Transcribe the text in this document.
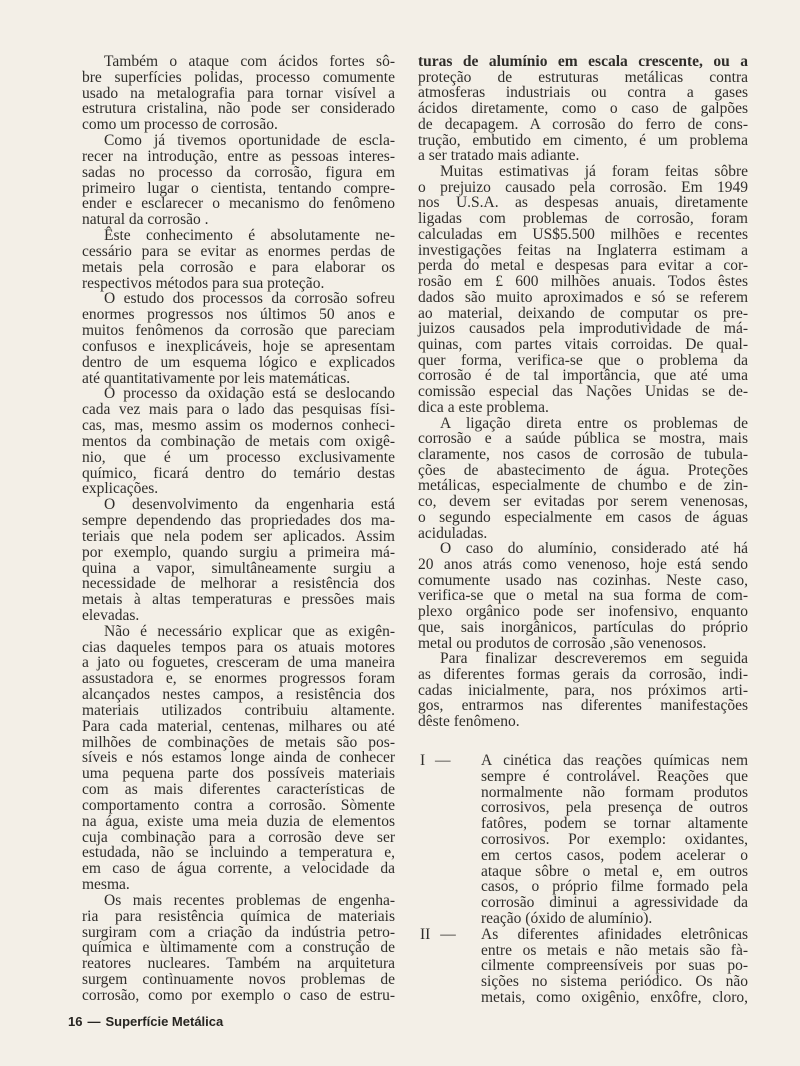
Também o ataque com ácidos fortes sô-
bre superfícies polidas, processo comumente
usado na metalografia para tornar visível a
estrutura cristalina, não pode ser considerado
como um processo de corrosão.
Como já tivemos oportunidade de escla-
recer na introdução, entre as pessoas interes-
sadas no processo da corrosão, figura em
primeiro lugar o cientista, tentando compre-
ender e esclarecer o mecanismo do fenômeno
natural da corrosão .
Êste conhecimento é absolutamente ne-
cessário para se evitar as enormes perdas de
metais pela corrosão e para elaborar os
respectivos métodos para sua proteção.
O estudo dos processos da corrosão sofreu
enormes progressos nos últimos 50 anos e
muitos fenômenos da corrosão que pareciam
confusos e inexplicáveis, hoje se apresentam
dentro de um esquema lógico e explicados
até quantitativamente por leis matemáticas.
O processo da oxidação está se deslocando
cada vez mais para o lado das pesquisas físi-
cas, mas, mesmo assim os modernos conheci-
mentos da combinação de metais com oxigê-
nio, que é um processo exclusivamente
químico, ficará dentro do temário destas
explicações.
O desenvolvimento da engenharia está
sempre dependendo das propriedades dos ma-
teriais que nela podem ser aplicados. Assim
por exemplo, quando surgiu a primeira má-
quina a vapor, simultâneamente surgiu a
necessidade de melhorar a resistência dos
metais à altas temperaturas e pressões mais
elevadas.
Não é necessário explicar que as exigên-
cias daqueles tempos para os atuais motores
a jato ou foguetes, cresceram de uma maneira
assustadora e, se enormes progressos foram
alcançados nestes campos, a resistência dos
materiais utilizados contribuiu altamente.
Para cada material, centenas, milhares ou até
milhões de combinações de metais são pos-
síveis e nós estamos longe ainda de conhecer
uma pequena parte dos possíveis materiais
com as mais diferentes características de
comportamento contra a corrosão. Sòmente
na água, existe uma meia duzia de elementos
cuja combinação para a corrosão deve ser
estudada, não se incluindo a temperatura e,
em caso de água corrente, a velocidade da
mesma.
Os mais recentes problemas de engenha-
ria para resistência química de materiais
surgiram com a criação da indústria petro-
química e ùltimamente com a construção de
reatores nucleares. Também na arquitetura
surgem contìnuamente novos problemas de
corrosão, como por exemplo o caso de estru-
turas de alumínio em escala crescente, ou a
proteção de estruturas metálicas contra
atmosferas industriais ou contra a gases
ácidos diretamente, como o caso de galpões
de decapagem. A corrosão do ferro de cons-
trução, embutido em cimento, é um problema
a ser tratado mais adiante.
Muitas estimativas já foram feitas sôbre
o prejuizo causado pela corrosão. Em 1949
nos U.S.A. as despesas anuais, diretamente
ligadas com problemas de corrosão, foram
calculadas em US$5.500 milhões e recentes
investigações feitas na Inglaterra estimam a
perda do metal e despesas para evitar a cor-
rosão em £ 600 milhões anuais. Todos êstes
dados são muito aproximados e só se referem
ao material, deixando de computar os pre-
juizos causados pela improdutividade de má-
quinas, com partes vitais corroidas. De qual-
quer forma, verifica-se que o problema da
corrosão é de tal importância, que até uma
comissão especial das Nações Unidas se de-
dica a este problema.
A ligação direta entre os problemas de
corrosão e a saúde pública se mostra, mais
claramente, nos casos de corrosão de tubula-
ções de abastecimento de água. Proteções
metálicas, especialmente de chumbo e de zin-
co, devem ser evitadas por serem venenosas,
o segundo especialmente em casos de águas
aciduladas.
O caso do alumínio, considerado até há
20 anos atrás como venenoso, hoje está sendo
comumente usado nas cozinhas. Neste caso,
verifica-se que o metal na sua forma de com-
plexo orgânico pode ser inofensivo, enquanto
que, sais inorgânicos, partículas do próprio
metal ou produtos de corrosão ,são venenosos.
Para finalizar descreveremos em seguida
as diferentes formas gerais da corrosão, indi-
cadas inicialmente, para, nos próximos arti-
gos, entrarmos nas diferentes manifestações
dêste fenômeno.
I — A cinética das reações químicas nem
sempre é controlável. Reações que
normalmente não formam produtos
corrosivos, pela presença de outros
fatôres, podem se tornar altamente
corrosivos. Por exemplo: oxidantes,
em certos casos, podem acelerar o
ataque sôbre o metal e, em outros
casos, o próprio filme formado pela
corrosão diminui a agressividade da
reação (óxido de alumínio).
II — As diferentes afinidades eletrônicas
entre os metais e não metais são fà-
cilmente compreensíveis por suas po-
sições no sistema periódico. Os não
metais, como oxigênio, enxôfre, cloro,
16 — Superfície Metálica
